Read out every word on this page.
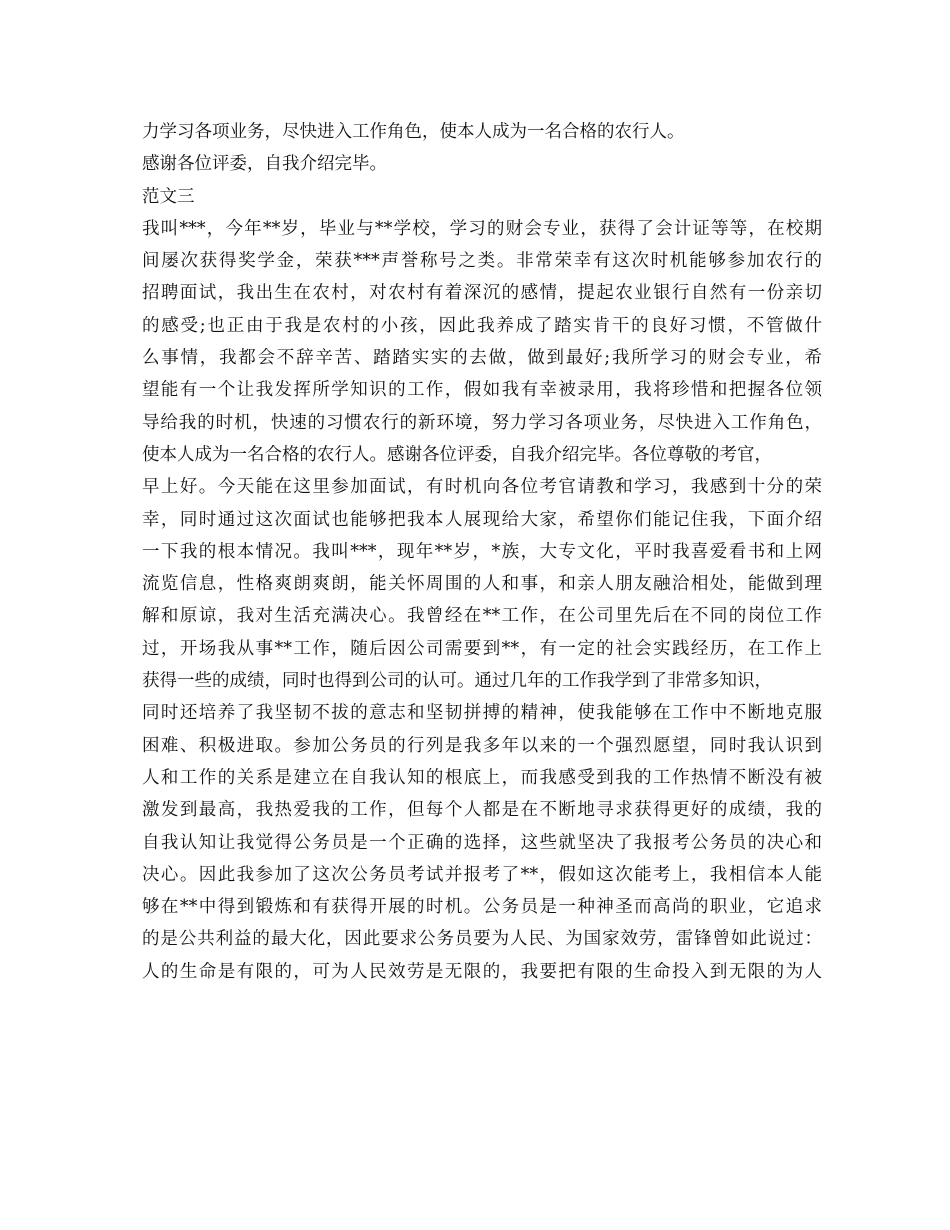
力学习各项业务，尽快进入工作角色，使本人成为一名合格的农行人。
感谢各位评委，自我介绍完毕。
范文三
我叫***，今年**岁，毕业与**学校，学习的财会专业，获得了会计证等等，在校期
间屡次获得奖学金，荣获***声誉称号之类。非常荣幸有这次时机能够参加农行的
招聘面试，我出生在农村，对农村有着深沉的感情，提起农业银行自然有一份亲切
的感受;也正由于我是农村的小孩，因此我养成了踏实肯干的良好习惯，不管做什
么事情，我都会不辞辛苦、踏踏实实的去做，做到最好;我所学习的财会专业，希
望能有一个让我发挥所学知识的工作，假如我有幸被录用，我将珍惜和把握各位领
导给我的时机，快速的习惯农行的新环境，努力学习各项业务，尽快进入工作角色，
使本人成为一名合格的农行人。感谢各位评委，自我介绍完毕。各位尊敬的考官，
早上好。今天能在这里参加面试，有时机向各位考官请教和学习，我感到十分的荣
幸，同时通过这次面试也能够把我本人展现给大家，希望你们能记住我，下面介绍
一下我的根本情况。我叫***，现年**岁，*族，大专文化，平时我喜爱看书和上网
流览信息，性格爽朗爽朗，能关怀周围的人和事，和亲人朋友融洽相处，能做到理
解和原谅，我对生活充满决心。我曾经在**工作，在公司里先后在不同的岗位工作
过，开场我从事**工作，随后因公司需要到**，有一定的社会实践经历，在工作上
获得一些的成绩，同时也得到公司的认可。通过几年的工作我学到了非常多知识，
同时还培养了我坚韧不拔的意志和坚韧拼搏的精神，使我能够在工作中不断地克服
困难、积极进取。参加公务员的行列是我多年以来的一个强烈愿望，同时我认识到
人和工作的关系是建立在自我认知的根底上，而我感受到我的工作热情不断没有被
激发到最高，我热爱我的工作，但每个人都是在不断地寻求获得更好的成绩，我的
自我认知让我觉得公务员是一个正确的选择，这些就坚决了我报考公务员的决心和
决心。因此我参加了这次公务员考试并报考了**，假如这次能考上，我相信本人能
够在**中得到锻炼和有获得开展的时机。公务员是一种神圣而高尚的职业，它追求
的是公共利益的最大化，因此要求公务员要为人民、为国家效劳，雷锋曾如此说过：
人的生命是有限的，可为人民效劳是无限的，我要把有限的生命投入到无限的为人
